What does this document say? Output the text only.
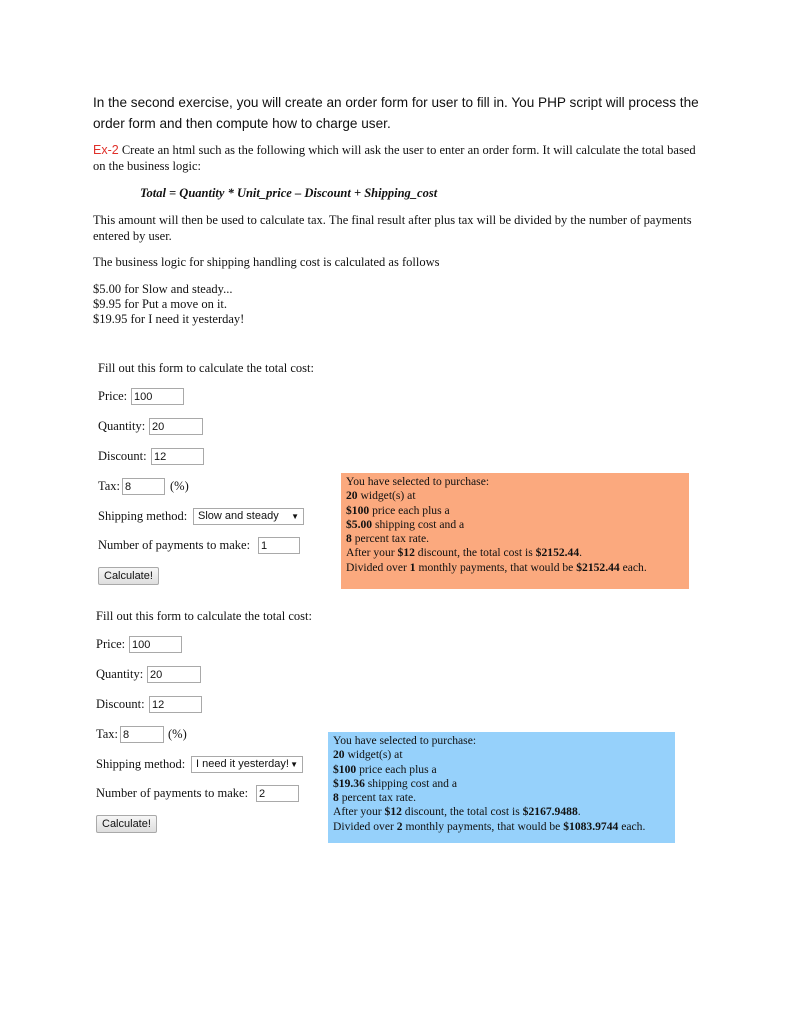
In the second exercise, you will create an order form for user to fill in. You PHP script will process the order form and then compute how to charge user.
Ex-2 Create an html such as the following which will ask the user to enter an order form. It will calculate the total based on the business logic:
Total = Quantity * Unit_price – Discount + Shipping_cost
This amount will then be used to calculate tax. The final result after plus tax will be divided by the number of payments entered by user.
The business logic for shipping handling cost is calculated as follows
$5.00 for Slow and steady...
$9.95 for Put a move on it.
$19.95 for I need it yesterday!
Fill out this form to calculate the total cost:
Price: 100
Quantity: 20
Discount: 12
Tax: 8	(%)
Shipping method: Slow and steady ▼
Number of payments to make: 1
Calculate!
You have selected to purchase:
20 widget(s) at
$100 price each plus a
$5.00 shipping cost and a
8 percent tax rate.
After your $12 discount, the total cost is $2152.44.
Divided over 1 monthly payments, that would be $2152.44 each.
Fill out this form to calculate the total cost:
Price: 100
Quantity: 20
Discount: 12
Tax: 8	(%)
Shipping method: I need it yesterday! ▼
Number of payments to make: 2
Calculate!
You have selected to purchase:
20 widget(s) at
$100 price each plus a
$19.36 shipping cost and a
8 percent tax rate.
After your $12 discount, the total cost is $2167.9488.
Divided over 2 monthly payments, that would be $1083.9744 each.
